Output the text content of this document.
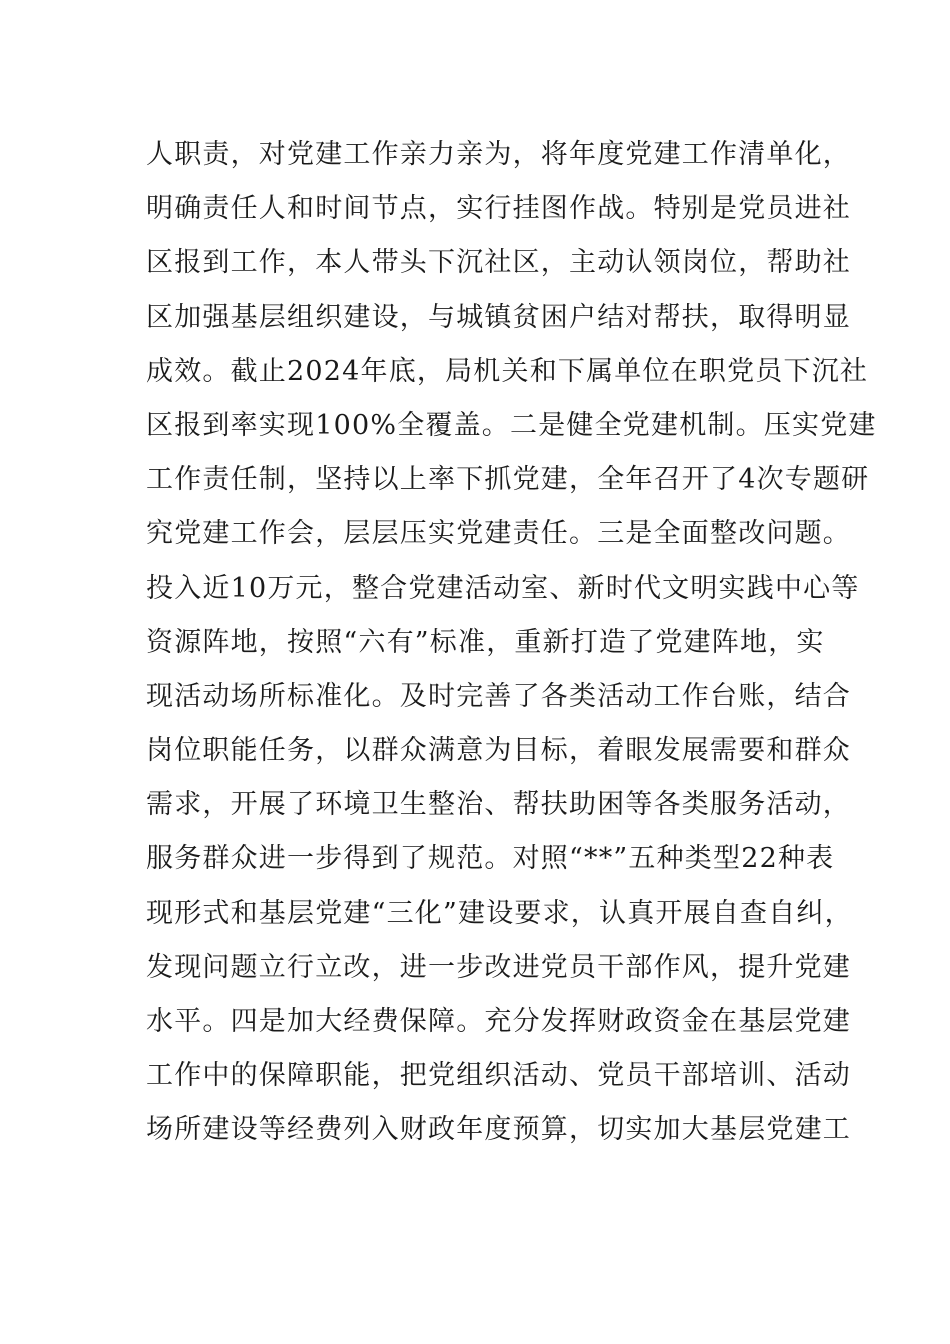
人职责，对党建工作亲力亲为，将年度党建工作清单化，
明确责任人和时间节点，实行挂图作战。特别是党员进社
区报到工作，本人带头下沉社区，主动认领岗位，帮助社
区加强基层组织建设，与城镇贫困户结对帮扶，取得明显
成效。截止2024年底，局机关和下属单位在职党员下沉社
区报到率实现100%全覆盖。二是健全党建机制。压实党建
工作责任制，坚持以上率下抓党建，全年召开了4次专题研
究党建工作会，层层压实党建责任。三是全面整改问题。
投入近10万元，整合党建活动室、新时代文明实践中心等
资源阵地，按照“六有”标准，重新打造了党建阵地，实
现活动场所标准化。及时完善了各类活动工作台账，结合
岗位职能任务，以群众满意为目标，着眼发展需要和群众
需求，开展了环境卫生整治、帮扶助困等各类服务活动，
服务群众进一步得到了规范。对照“**”五种类型22种表
现形式和基层党建“三化”建设要求，认真开展自查自纠，
发现问题立行立改，进一步改进党员干部作风，提升党建
水平。四是加大经费保障。充分发挥财政资金在基层党建
工作中的保障职能，把党组织活动、党员干部培训、活动
场所建设等经费列入财政年度预算，切实加大基层党建工
